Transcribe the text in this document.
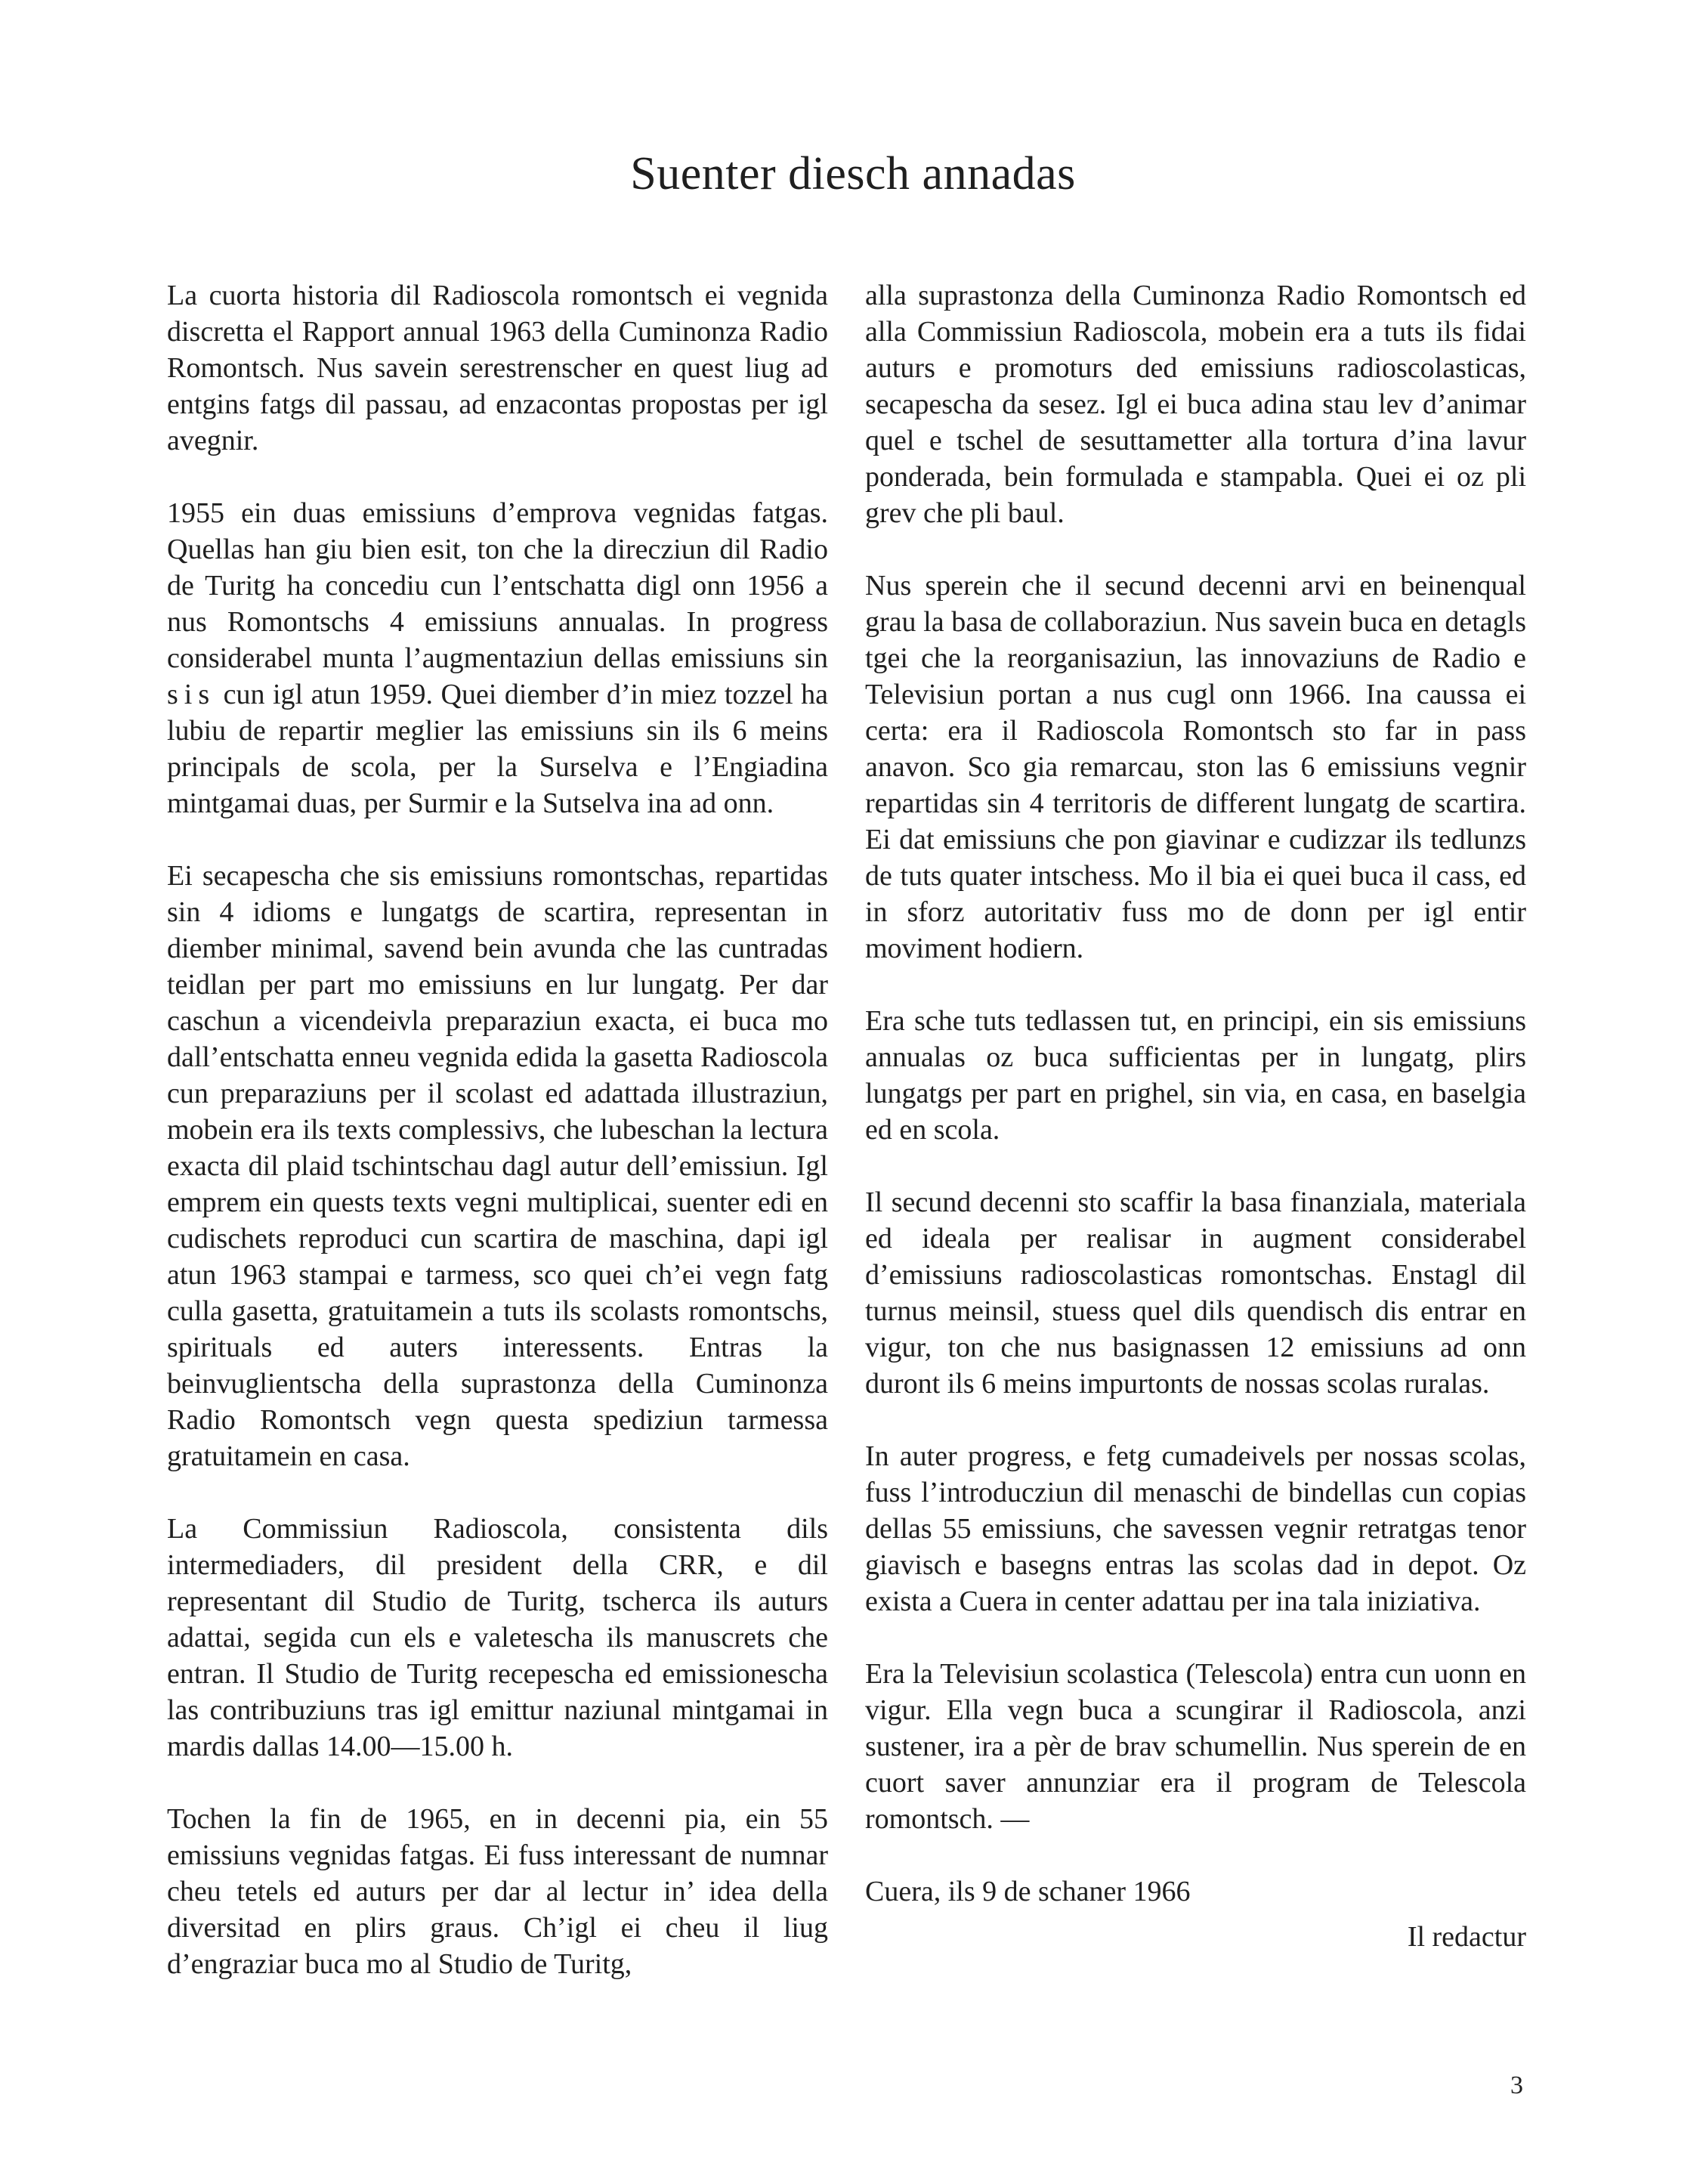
Suenter diesch annadas

La cuorta historia dil Radioscola romontsch ei vegnida discretta el Rapport annual 1963 della Cuminonza Radio Romontsch. Nus savein serestrenscher en quest liug ad entgins fatgs dil passau, ad enzacontas propostas per igl avegnir.

1955 ein duas emissiuns d’emprova vegnidas fatgas. Quellas han giu bien esit, ton che la direcziun dil Radio de Turitg ha concediu cun l’entschatta digl onn 1956 a nus Romontschs 4 emissiuns annualas. In progress considerabel munta l’augmentaziun dellas emissiuns sin sis cun igl atun 1959. Quei diember d’in miez tozzel ha lubiu de repartir meglier las emissiuns sin ils 6 meins principals de scola, per la Surselva e l’Engiadina mintgamai duas, per Surmir e la Sutselva ina ad onn.

Ei secapescha che sis emissiuns romontschas, repartidas sin 4 idioms e lungatgs de scartira, representan in diember minimal, savend bein avunda che las cuntradas teidlan per part mo emissiuns en lur lungatg. Per dar caschun a vicendeivla preparaziun exacta, ei buca mo dall’entschatta enneu vegnida edida la gasetta Radioscola cun preparaziuns per il scolast ed adattada illustraziun, mobein era ils texts complessivs, che lubeschan la lectura exacta dil plaid tschintschau dagl autur dell’emissiun. Igl emprem ein quests texts vegni multiplicai, suenter edi en cudischets reproduci cun scartira de maschina, dapi igl atun 1963 stampai e tarmess, sco quei ch’ei vegn fatg culla gasetta, gratuitamein a tuts ils scolasts romontschs, spirituals ed auters interessents. Entras la beinvuglientscha della suprastonza della Cuminonza Radio Romontsch vegn questa spediziun tarmessa gratuitamein en casa.

La Commissiun Radioscola, consistenta dils intermediaders, dil president della CRR, e dil representant dil Studio de Turitg, tscherca ils auturs adattai, segida cun els e valetescha ils manuscrets che entran. Il Studio de Turitg recepescha ed emissionescha las contribuziuns tras igl emittur naziunal mintgamai in mardis dallas 14.00—15.00 h.

Tochen la fin de 1965, en in decenni pia, ein 55 emissiuns vegnidas fatgas. Ei fuss interessant de numnar cheu tetels ed auturs per dar al lectur in’ idea della diversitad en plirs graus. Ch’igl ei cheu il liug d’engraziar buca mo al Studio de Turitg,

alla suprastonza della Cuminonza Radio Romontsch ed alla Commissiun Radioscola, mobein era a tuts ils fidai auturs e promoturs ded emissiuns radioscolasticas, secapescha da sesez. Igl ei buca adina stau lev d’animar quel e tschel de sesuttametter alla tortura d’ina lavur ponderada, bein formulada e stampabla. Quei ei oz pli grev che pli baul.

Nus sperein che il secund decenni arvi en beinenqual grau la basa de collaboraziun. Nus savein buca en detagls tgei che la reorganisaziun, las innovaziuns de Radio e Televisiun portan a nus cugl onn 1966. Ina caussa ei certa: era il Radioscola Romontsch sto far in pass anavon. Sco gia remarcau, ston las 6 emissiuns vegnir repartidas sin 4 territoris de different lungatg de scartira. Ei dat emissiuns che pon giavinar e cudizzar ils tedlunzs de tuts quater intschess. Mo il bia ei quei buca il cass, ed in sforz autoritativ fuss mo de donn per igl entir moviment hodiern.

Era sche tuts tedlassen tut, en principi, ein sis emissiuns annualas oz buca sufficientas per in lungatg, plirs lungatgs per part en prighel, sin via, en casa, en baselgia ed en scola.

Il secund decenni sto scaffir la basa finanziala, materiala ed ideala per realisar in augment considerabel d’emissiuns radioscolasticas romontschas. Enstagl dil turnus meinsil, stuess quel dils quendisch dis entrar en vigur, ton che nus basignassen 12 emissiuns ad onn duront ils 6 meins impurtonts de nossas scolas ruralas.

In auter progress, e fetg cumadeivels per nossas scolas, fuss l’introducziun dil menaschi de bindellas cun copias dellas 55 emissiuns, che savessen vegnir retratgas tenor giavisch e basegns entras las scolas dad in depot. Oz exista a Cuera in center adattau per ina tala iniziativa.

Era la Televisiun scolastica (Telescola) entra cun uonn en vigur. Ella vegn buca a scungirar il Radioscola, anzi sustener, ira a pèr de brav schumellin. Nus sperein de en cuort saver annunziar era il program de Telescola romontsch. —

Cuera, ils 9 de schaner 1966
Il redactur
3
